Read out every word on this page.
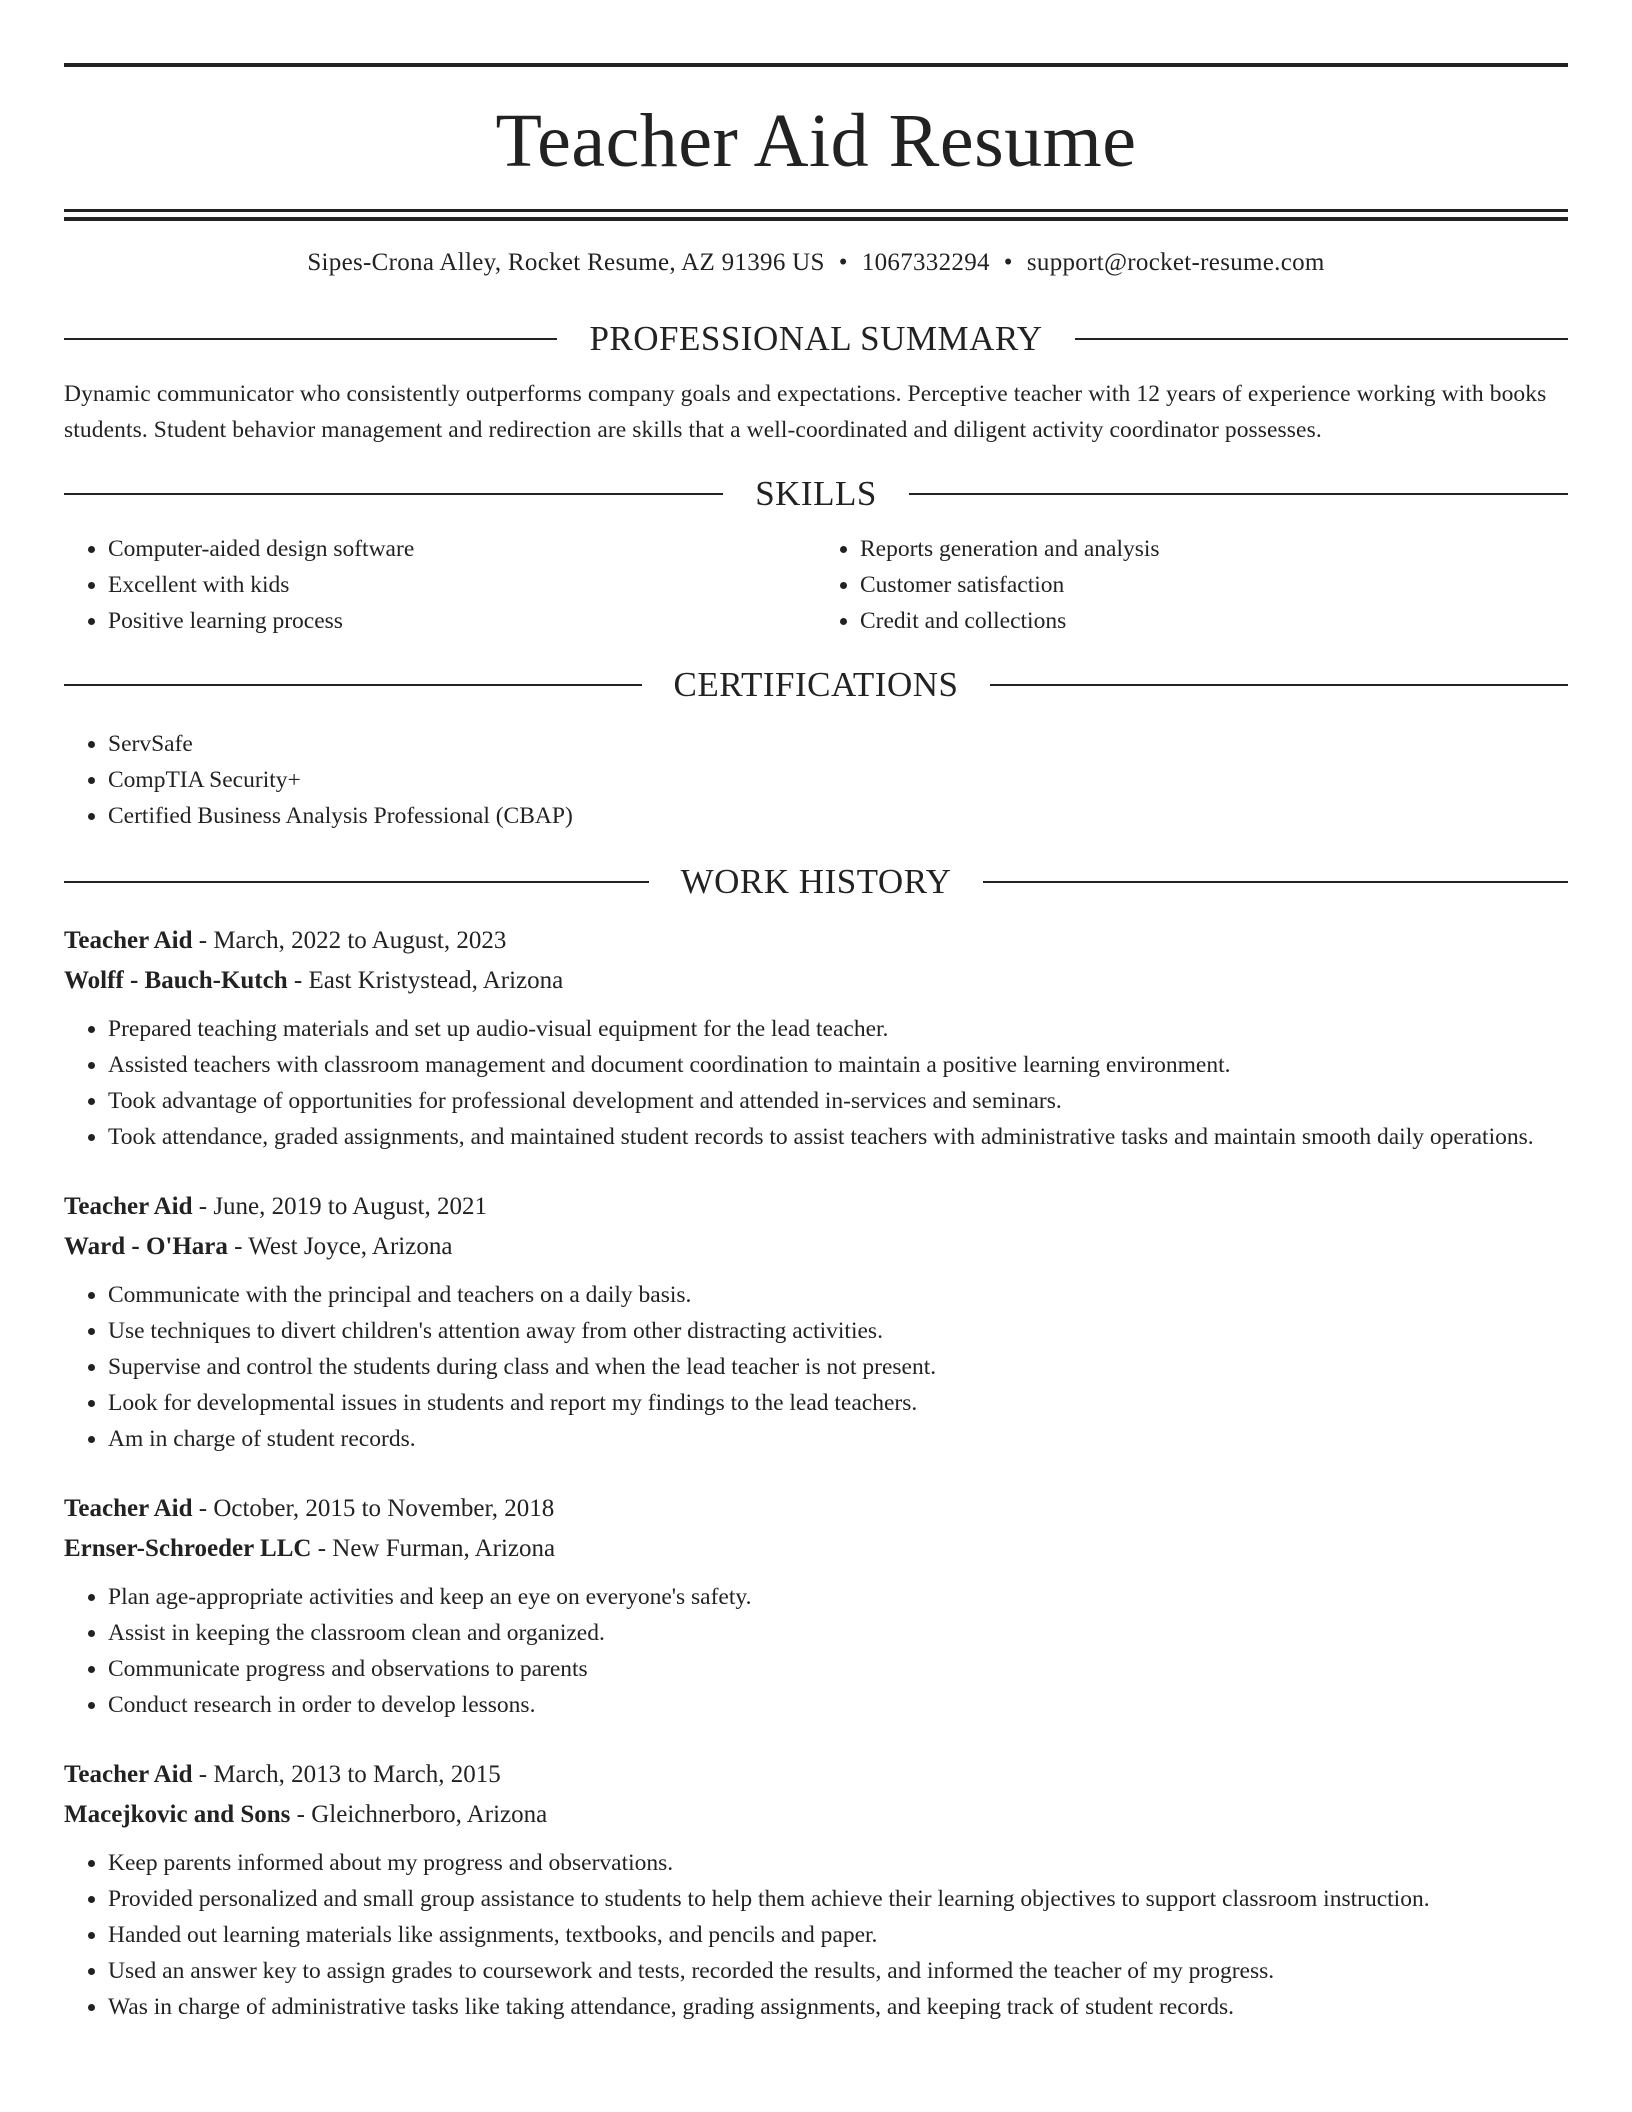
Teacher Aid Resume
Sipes-Crona Alley, Rocket Resume, AZ 91396 US • 1067332294 • support@rocket-resume.com
PROFESSIONAL SUMMARY
Dynamic communicator who consistently outperforms company goals and expectations. Perceptive teacher with 12 years of experience working with books students. Student behavior management and redirection are skills that a well-coordinated and diligent activity coordinator possesses.
SKILLS
• Computer-aided design software
• Excellent with kids
• Positive learning process
• Reports generation and analysis
• Customer satisfaction
• Credit and collections
CERTIFICATIONS
• ServSafe
• CompTIA Security+
• Certified Business Analysis Professional (CBAP)
WORK HISTORY
Teacher Aid - March, 2022 to August, 2023
Wolff - Bauch-Kutch - East Kristystead, Arizona
• Prepared teaching materials and set up audio-visual equipment for the lead teacher.
• Assisted teachers with classroom management and document coordination to maintain a positive learning environment.
• Took advantage of opportunities for professional development and attended in-services and seminars.
• Took attendance, graded assignments, and maintained student records to assist teachers with administrative tasks and maintain smooth daily operations.
Teacher Aid - June, 2019 to August, 2021
Ward - O'Hara - West Joyce, Arizona
• Communicate with the principal and teachers on a daily basis.
• Use techniques to divert children's attention away from other distracting activities.
• Supervise and control the students during class and when the lead teacher is not present.
• Look for developmental issues in students and report my findings to the lead teachers.
• Am in charge of student records.
Teacher Aid - October, 2015 to November, 2018
Ernser-Schroeder LLC - New Furman, Arizona
• Plan age-appropriate activities and keep an eye on everyone's safety.
• Assist in keeping the classroom clean and organized.
• Communicate progress and observations to parents
• Conduct research in order to develop lessons.
Teacher Aid - March, 2013 to March, 2015
Macejkovic and Sons - Gleichnerboro, Arizona
• Keep parents informed about my progress and observations.
• Provided personalized and small group assistance to students to help them achieve their learning objectives to support classroom instruction.
• Handed out learning materials like assignments, textbooks, and pencils and paper.
• Used an answer key to assign grades to coursework and tests, recorded the results, and informed the teacher of my progress.
• Was in charge of administrative tasks like taking attendance, grading assignments, and keeping track of student records.
